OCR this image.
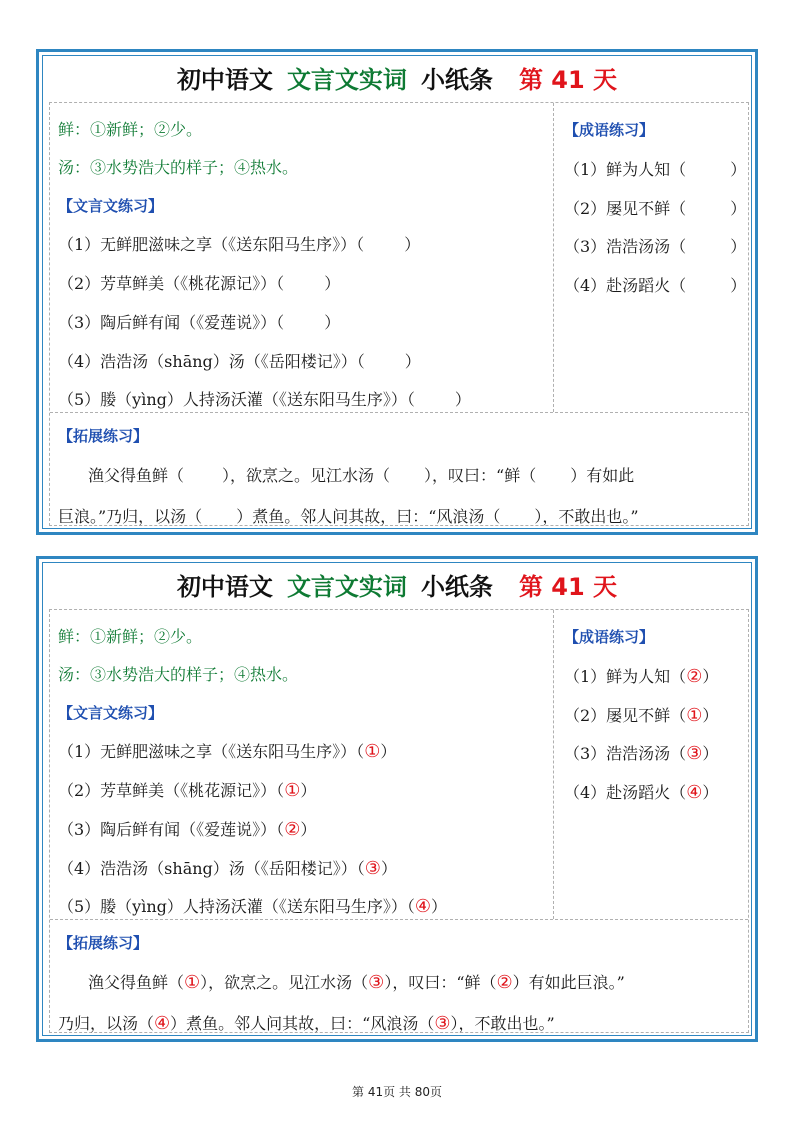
初中语文 文言文实词 小纸条 第 41 天
鲜：①新鲜；②少。
汤：③水势浩大的样子；④热水。
【文言文练习】
（1）无鲜肥滋味之享（《送东阳马生序》）（	）
（2）芳草鲜美（《桃花源记》）（	）
（3）陶后鲜有闻（《爱莲说》）（	）
（4）浩浩汤（shāng）汤（《岳阳楼记》）（	）
（5）媵（yìng）人持汤沃灌（《送东阳马生序》）（	）
【成语练习】
（1）鲜为人知（	）
（2）屡见不鲜（	）
（3）浩浩汤汤（	）
（4）赴汤蹈火（	）
【拓展练习】
渔父得鱼鲜（ ），欲烹之。见江水汤（ ），叹曰：“鲜（ ）有如此
巨浪。”乃归，以汤（ ）煮鱼。邻人问其故，曰：“风浪汤（ ），不敢出也。”
初中语文 文言文实词 小纸条 第 41 天
鲜：①新鲜；②少。
汤：③水势浩大的样子；④热水。
【文言文练习】
（1）无鲜肥滋味之享（《送东阳马生序》）（①）
（2）芳草鲜美（《桃花源记》）（①）
（3）陶后鲜有闻（《爱莲说》）（②）
（4）浩浩汤（shāng）汤（《岳阳楼记》）（③）
（5）媵（yìng）人持汤沃灌（《送东阳马生序》）（④）
【成语练习】
（1）鲜为人知（②）
（2）屡见不鲜（①）
（3）浩浩汤汤（③）
（4）赴汤蹈火（④）
【拓展练习】
渔父得鱼鲜（①），欲烹之。见江水汤（③），叹曰：“鲜（②）有如此巨浪。”
乃归，以汤（④）煮鱼。邻人问其故，曰：“风浪汤（③），不敢出也。”
第 41页 共 80页
